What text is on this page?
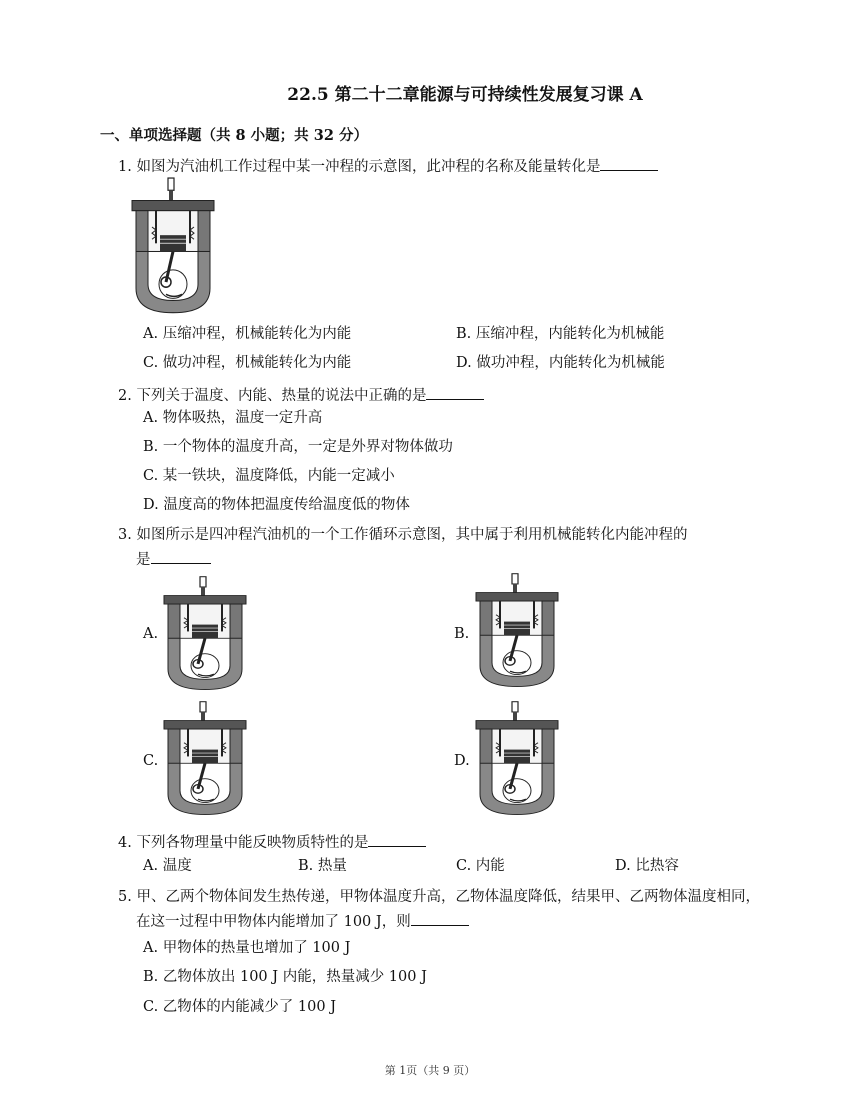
22.5 第二十二章能源与可持续性发展复习课 A
一、单项选择题（共 8 小题；共 32 分）
1. 如图为汽油机工作过程中某一冲程的示意图，此冲程的名称及能量转化是
A. 压缩冲程，机械能转化为内能	B. 压缩冲程，内能转化为机械能
C. 做功冲程，机械能转化为内能	D. 做功冲程，内能转化为机械能
2. 下列关于温度、内能、热量的说法中正确的是
A. 物体吸热，温度一定升高
B. 一个物体的温度升高，一定是外界对物体做功
C. 某一铁块，温度降低，内能一定减小
D. 温度高的物体把温度传给温度低的物体
3. 如图所示是四冲程汽油机的一个工作循环示意图，其中属于利用机械能转化内能冲程的
是
A.	B.
C.	D.
4. 下列各物理量中能反映物质特性的是
A. 温度	B. 热量	C. 内能	D. 比热容
5. 甲、乙两个物体间发生热传递，甲物体温度升高，乙物体温度降低，结果甲、乙两物体温度相同，
在这一过程中甲物体内能增加了 100 J，则
A. 甲物体的热量也增加了 100 J
B. 乙物体放出 100 J 内能，热量减少 100 J
C. 乙物体的内能减少了 100 J
第 1页（共 9 页）
